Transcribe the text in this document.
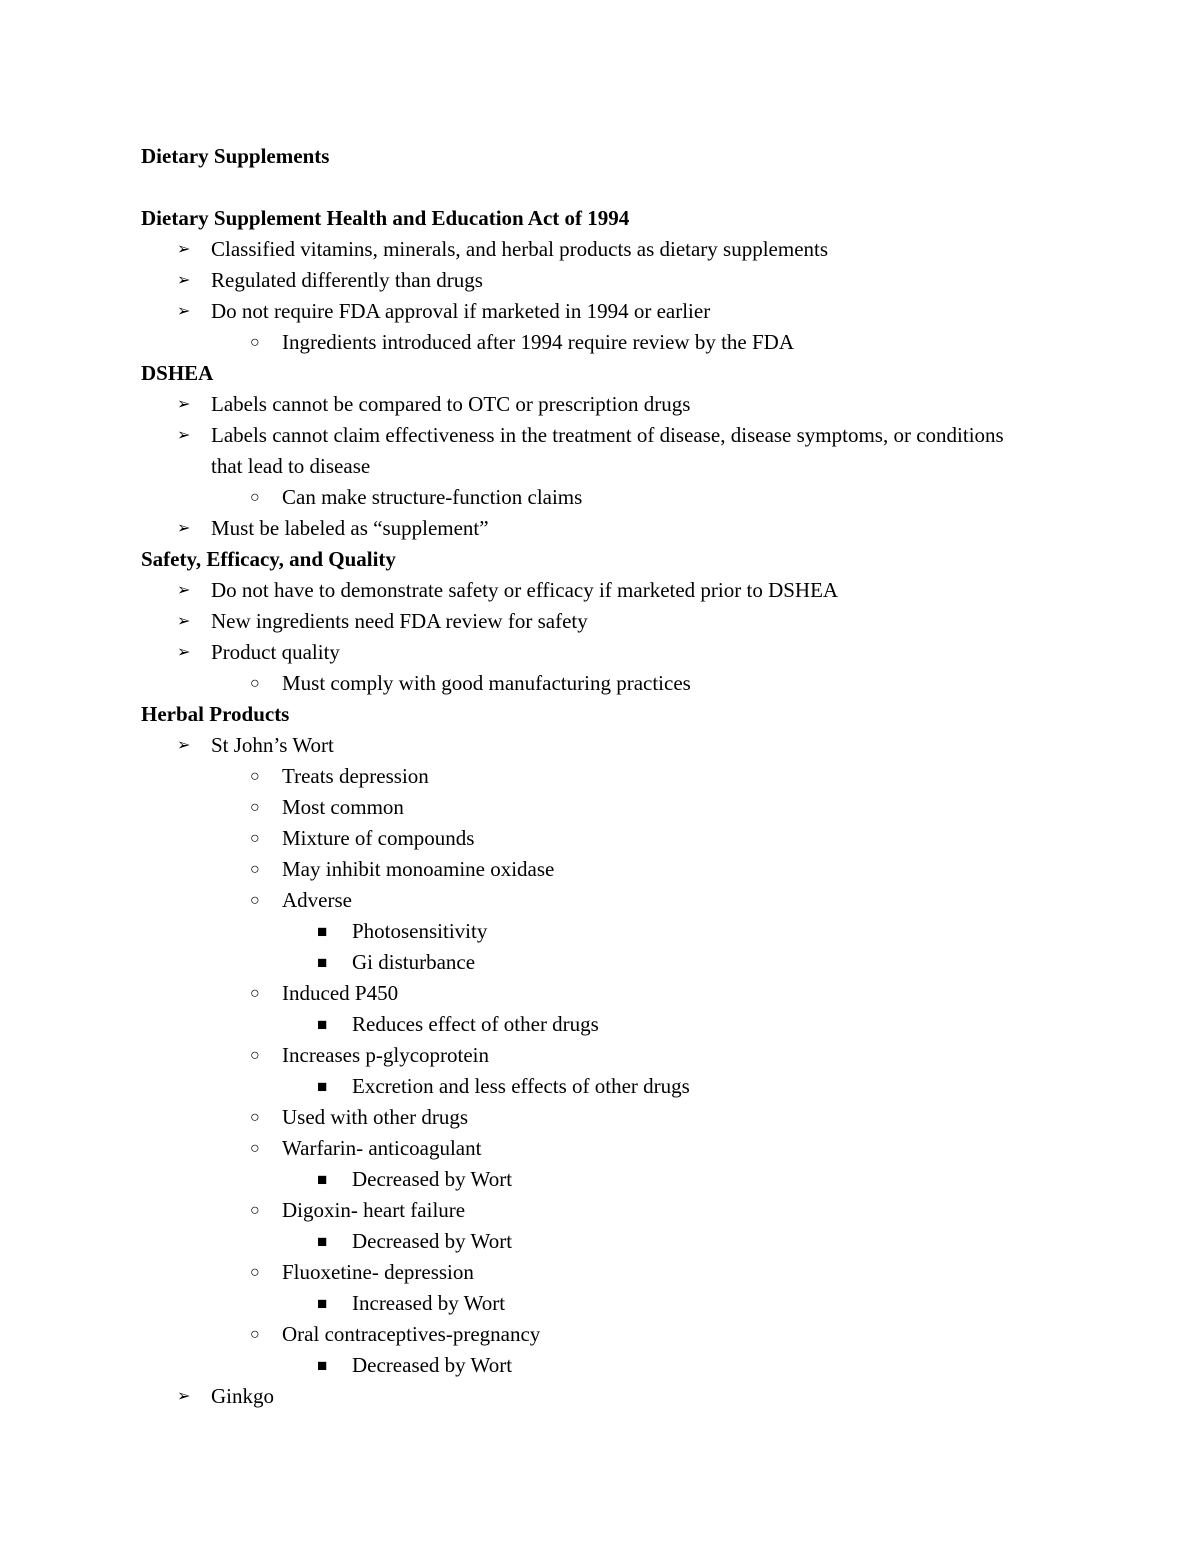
Dietary Supplements
Dietary Supplement Health and Education Act of 1994
➢ Classified vitamins, minerals, and herbal products as dietary supplements
➢ Regulated differently than drugs
➢ Do not require FDA approval if marketed in 1994 or earlier
○ Ingredients introduced after 1994 require review by the FDA
DSHEA
➢ Labels cannot be compared to OTC or prescription drugs
➢ Labels cannot claim effectiveness in the treatment of disease, disease symptoms, or conditions that lead to disease
○ Can make structure-function claims
➢ Must be labeled as “supplement”
Safety, Efficacy, and Quality
➢ Do not have to demonstrate safety or efficacy if marketed prior to DSHEA
➢ New ingredients need FDA review for safety
➢ Product quality
○ Must comply with good manufacturing practices
Herbal Products
➢ St John’s Wort
○ Treats depression
○ Most common
○ Mixture of compounds
○ May inhibit monoamine oxidase
○ Adverse
■ Photosensitivity
■ Gi disturbance
○ Induced P450
■ Reduces effect of other drugs
○ Increases p-glycoprotein
■ Excretion and less effects of other drugs
○ Used with other drugs
○ Warfarin- anticoagulant
■ Decreased by Wort
○ Digoxin- heart failure
■ Decreased by Wort
○ Fluoxetine- depression
■ Increased by Wort
○ Oral contraceptives-pregnancy
■ Decreased by Wort
➢ Ginkgo
